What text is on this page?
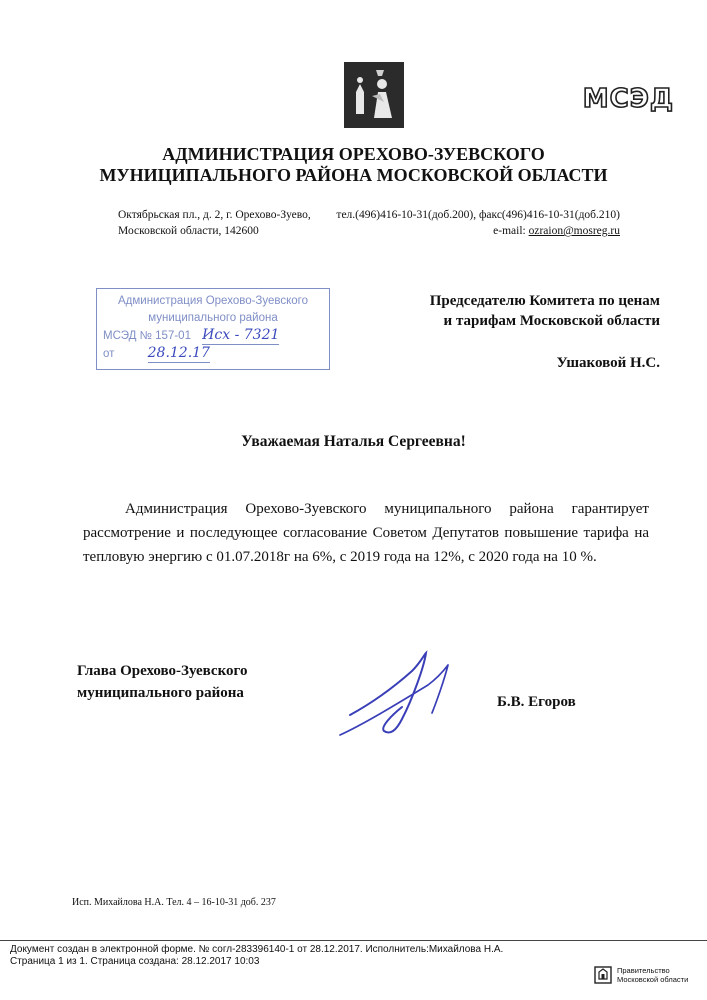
МСЭД
АДМИНИСТРАЦИЯ ОРЕХОВО-ЗУЕВСКОГО
МУНИЦИПАЛЬНОГО РАЙОНА МОСКОВСКОЙ ОБЛАСТИ
Октябрьская пл., д. 2, г. Орехово-Зуево,
Московской области, 142600
тел.(496)416-10-31(доб.200), факс(496)416-10-31(доб.210)
e-mail: ozraion@mosreg.ru
Администрация Орехово-Зуевского
муниципального района
МСЭД № 157-01 Исх - 7321
от 28.12.17
Председателю Комитета по ценам
и тарифам Московской области
Ушаковой Н.С.
Уважаемая Наталья Сергеевна!
Администрация Орехово-Зуевского муниципального района гарантирует рассмотрение и последующее согласование Советом Депутатов повышение тарифа на тепловую энергию с 01.07.2018г на 6%, с 2019 года на 12%, с 2020 года на 10 %.
Глава Орехово-Зуевского
муниципального района
Б.В. Егоров
Исп. Михайлова Н.А. Тел. 4 – 16-10-31 доб. 237
Документ создан в электронной форме. № согл-283396140-1 от 28.12.2017. Исполнитель:Михайлова Н.А.
Страница 1 из 1. Страница создана: 28.12.2017 10:03
Правительство
Московской области
